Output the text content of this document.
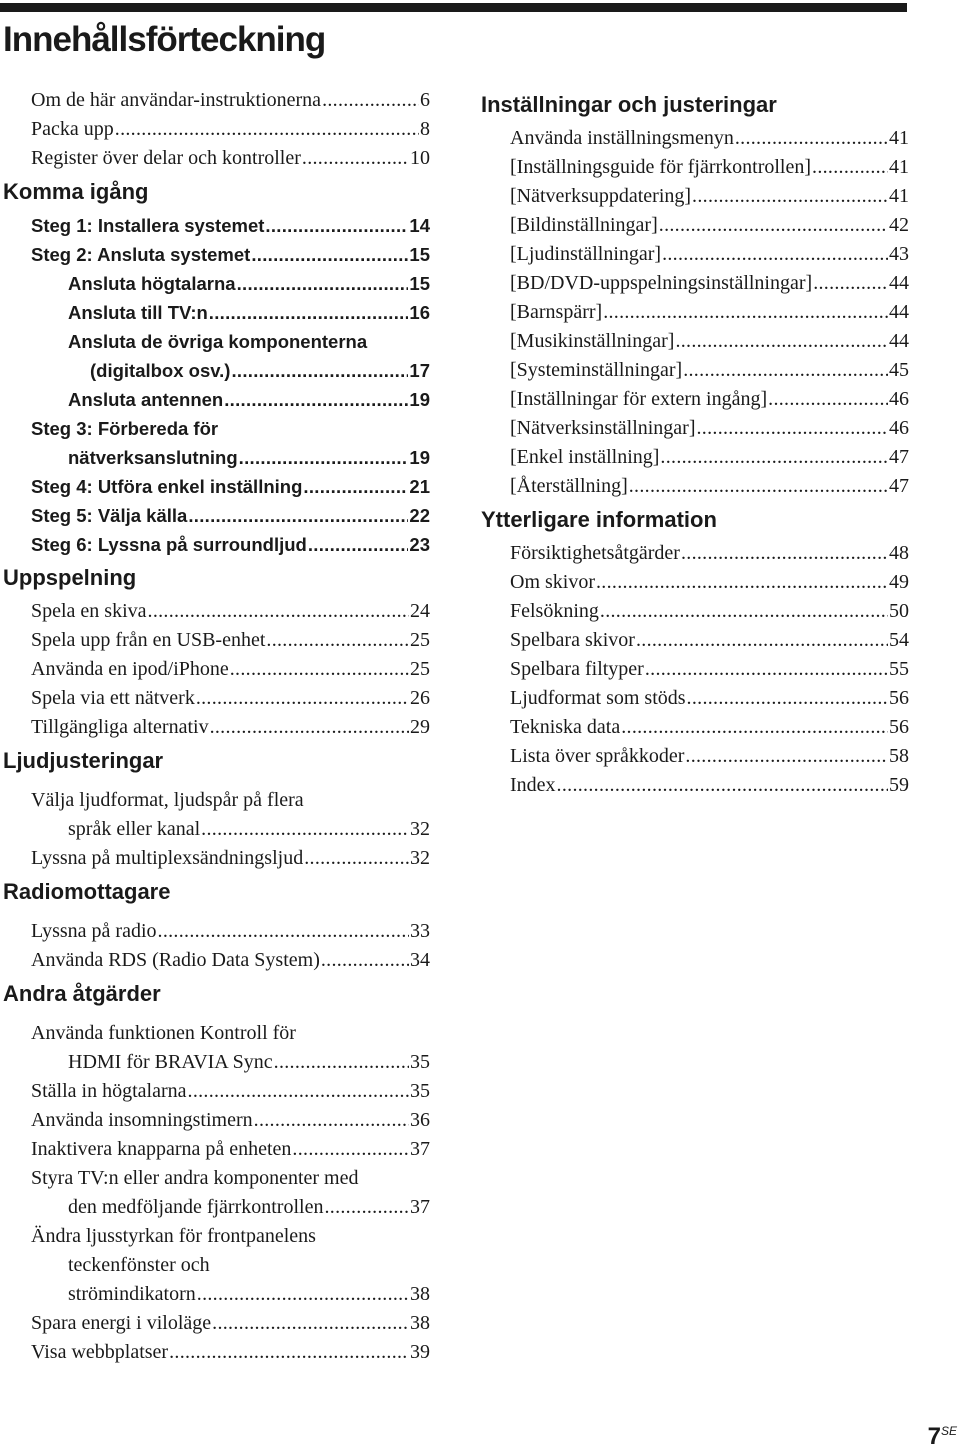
Innehållsförteckning
Om de här användar-instruktionerna .....	6
Packa upp .....	8
Register över delar och kontroller .....	10
Komma igång
Steg 1: Installera systemet .....	14
Steg 2: Ansluta systemet .....	15
Ansluta högtalarna .....	15
Ansluta till TV:n .....	16
Ansluta de övriga komponenterna
(digitalbox osv.) .....	17
Ansluta antennen .....	19
Steg 3: Förbereda för
nätverksanslutning .....	19
Steg 4: Utföra enkel inställning .....	21
Steg 5: Välja källa .....	22
Steg 6: Lyssna på surroundljud .....	23
Uppspelning
Spela en skiva .....	24
Spela upp från en USB-enhet .....	25
Använda en ipod/iPhone .....	25
Spela via ett nätverk .....	26
Tillgängliga alternativ .....	29
Ljudjusteringar
Välja ljudformat, ljudspår på flera
språk eller kanal .....	32
Lyssna på multiplexsändningsljud .....	32
Radiomottagare
Lyssna på radio .....	33
Använda RDS (Radio Data System) .....	34
Andra åtgärder
Använda funktionen Kontroll för
HDMI för BRAVIA Sync .....	35
Ställa in högtalarna .....	35
Använda insomningstimern .....	36
Inaktivera knapparna på enheten .....	37
Styra TV:n eller andra komponenter med
den medföljande fjärrkontrollen .....	37
Ändra ljusstyrkan för frontpanelens
teckenfönster och
strömindikatorn .....	38
Spara energi i viloläge .....	38
Visa webbplatser .....	39
Inställningar och justeringar
Använda inställningsmenyn .....	41
[Inställningsguide för fjärrkontrollen] .....	41
[Nätverksuppdatering] .....	41
[Bildinställningar] .....	42
[Ljudinställningar] .....	43
[BD/DVD-uppspelningsinställningar] .....	44
[Barnspärr] .....	44
[Musikinställningar] .....	44
[Systeminställningar] .....	45
[Inställningar för extern ingång] .....	46
[Nätverksinställningar] .....	46
[Enkel inställning] .....	47
[Återställning] .....	47
Ytterligare information
Försiktighetsåtgärder .....	48
Om skivor .....	49
Felsökning .....	50
Spelbara skivor .....	54
Spelbara filtyper .....	55
Ljudformat som stöds .....	56
Tekniska data .....	56
Lista över språkkoder .....	58
Index .....	59
$7^{SE}$
